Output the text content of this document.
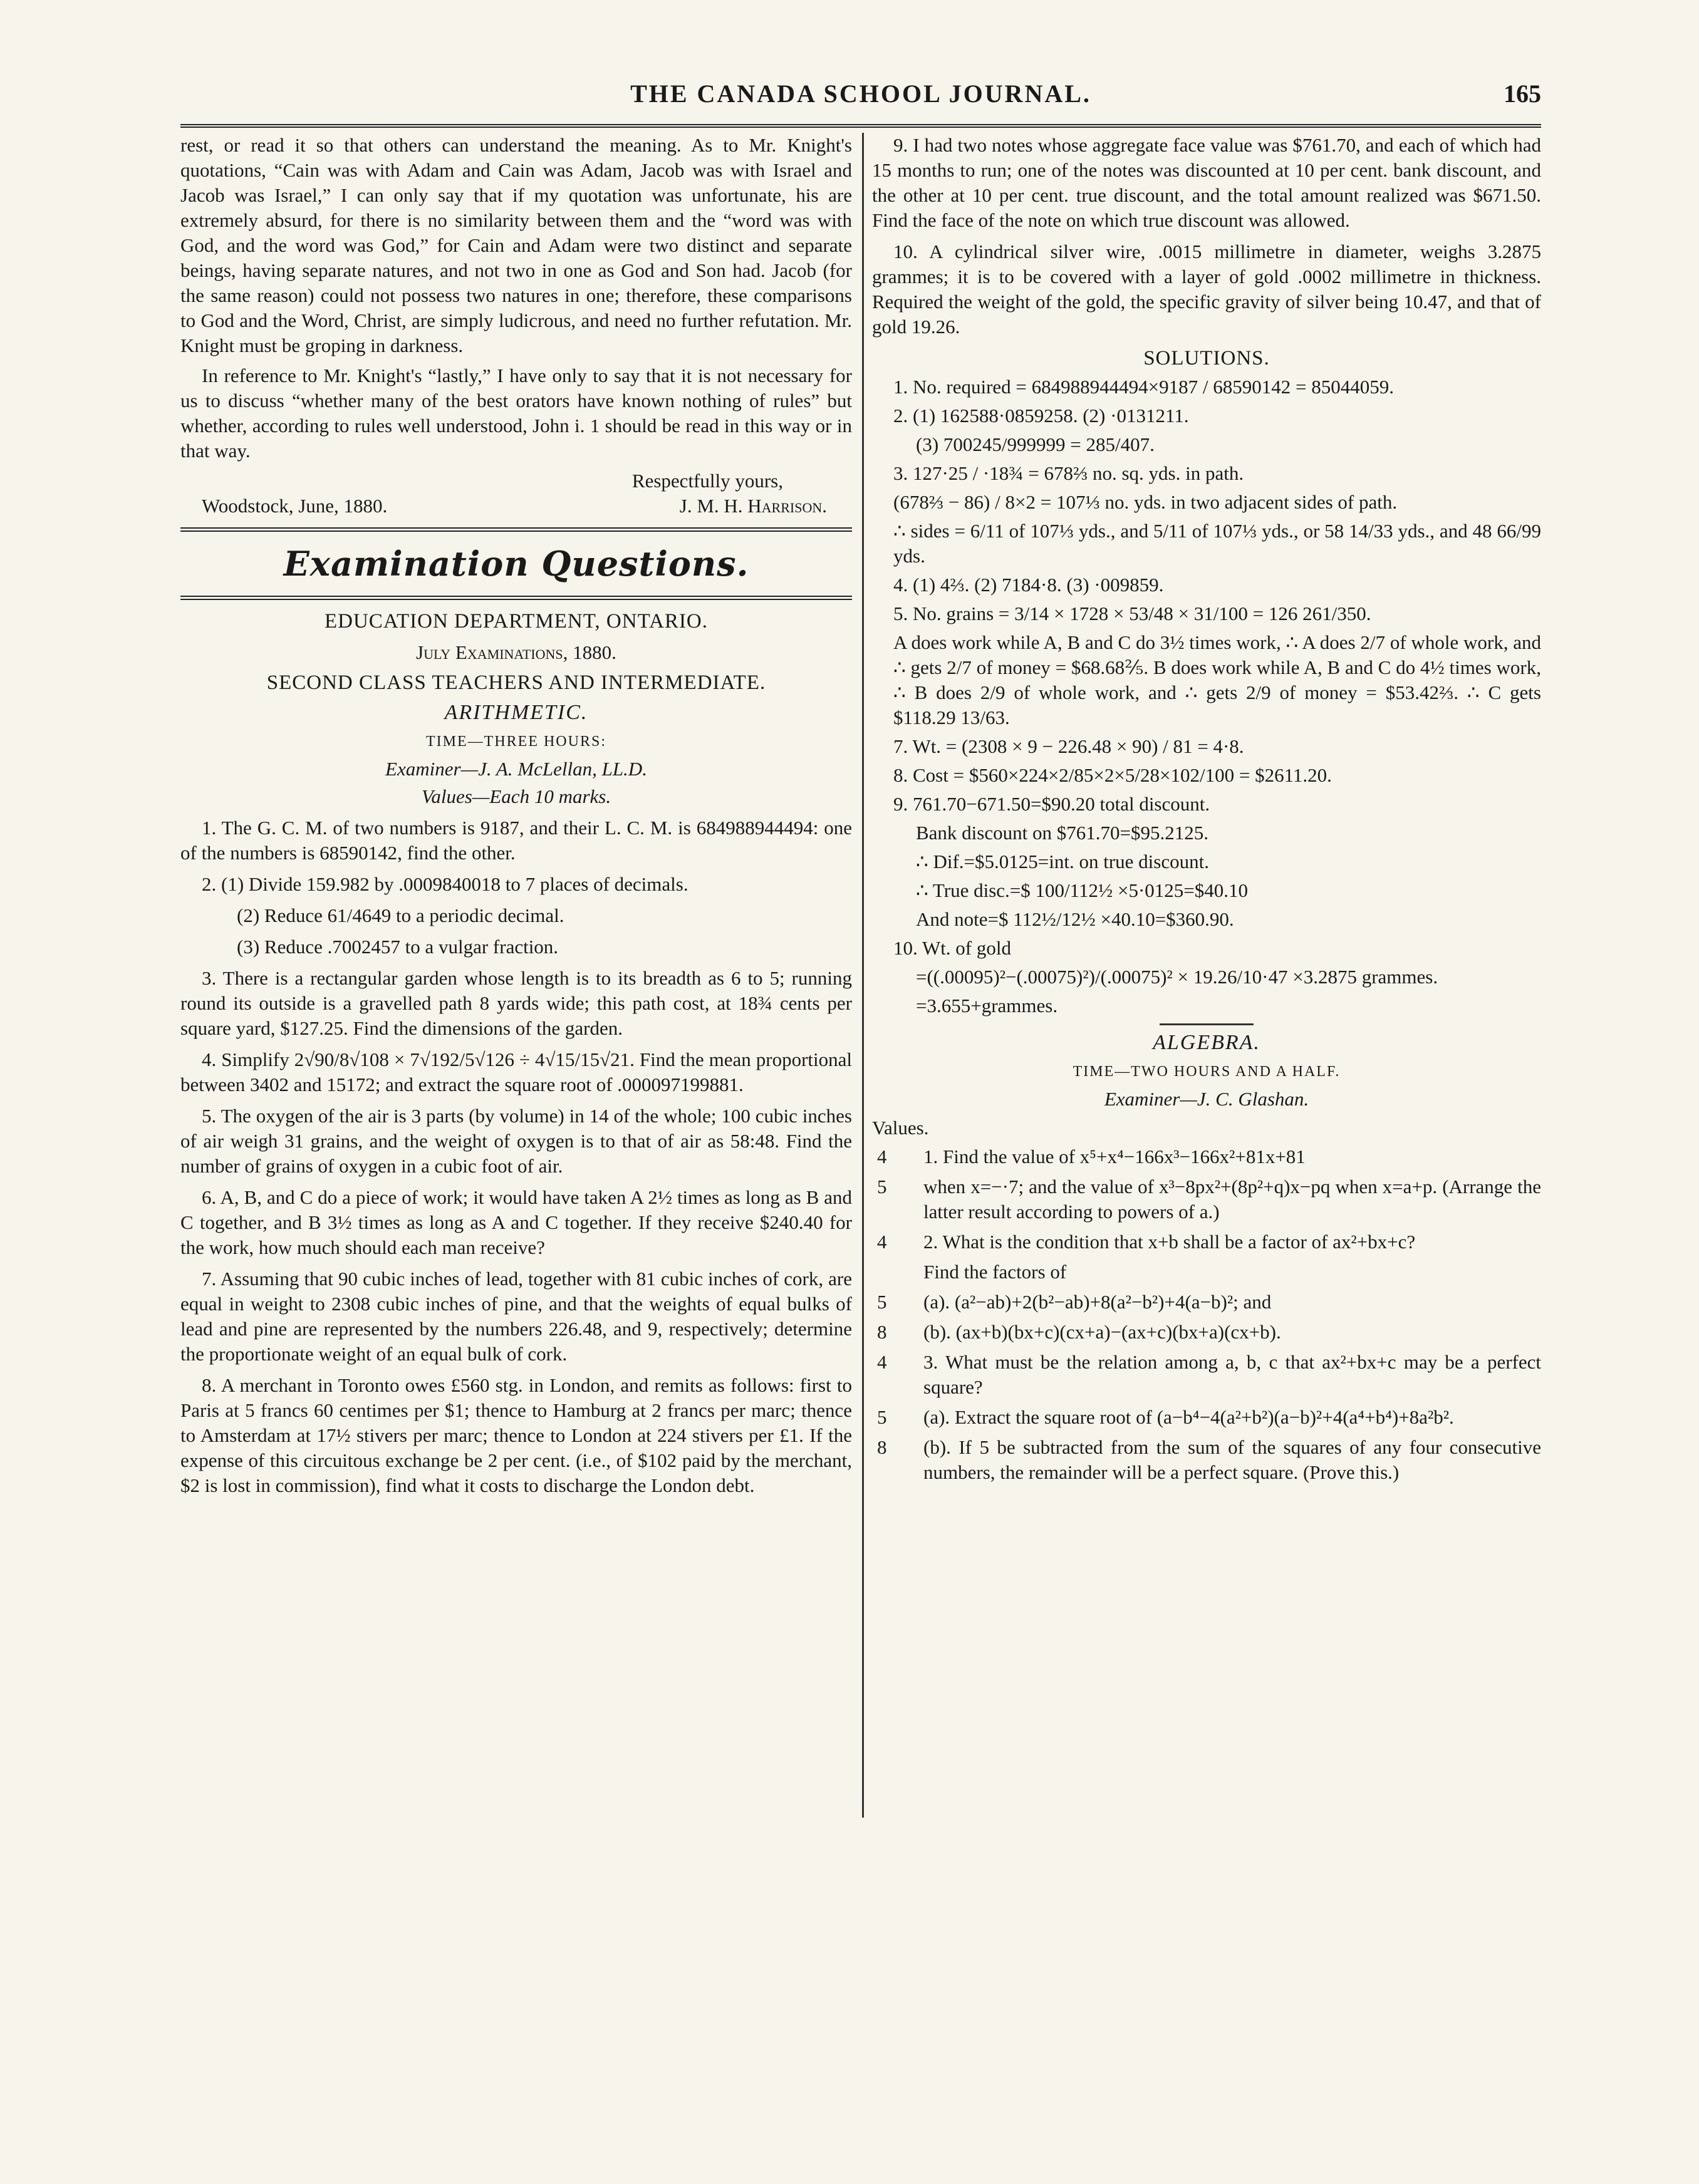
THE CANADA SCHOOL JOURNAL.	165

rest, or read it so that others can understand the meaning. As to Mr. Knight's quotations, “Cain was with Adam and Cain was Adam, Jacob was with Israel and Jacob was Israel,” I can only say that if my quotation was unfortunate, his are extremely absurd, for there is no similarity between them and the “word was with God, and the word was God,” for Cain and Adam were two distinct and separate beings, having separate natures, and not two in one as God and Son had. Jacob (for the same reason) could not possess two natures in one; therefore, these comparisons to God and the Word, Christ, are simply ludicrous, and need no further refutation. Mr. Knight must be groping in darkness.

In reference to Mr. Knight's “lastly,” I have only to say that it is not necessary for us to discuss “whether many of the best orators have known nothing of rules” but whether, according to rules well understood, John i. 1 should be read in this way or in that way.

Respectfully yours,
Woodstock, June, 1880.	J. M. H. Harrison.
Examination Questions.
EDUCATION DEPARTMENT, ONTARIO.
July Examinations, 1880.
SECOND CLASS TEACHERS AND INTERMEDIATE.
ARITHMETIC.
TIME—THREE HOURS:
Examiner—J. A. McLellan, LL.D.
Values—Each 10 marks.

1. The G. C. M. of two numbers is 9187, and their L. C. M. is 684988944494: one of the numbers is 68590142, find the other.

2. (1) Divide 159.982 by .0009840018 to 7 places of decimals.

(2) Reduce 61/4649 to a periodic decimal.

(3) Reduce .7002457 to a vulgar fraction.

3. There is a rectangular garden whose length is to its breadth as 6 to 5; running round its outside is a gravelled path 8 yards wide; this path cost, at 18¾ cents per square yard, $127.25. Find the dimensions of the garden.

4. Simplify 2√90/8√108 × 7√192/5√126 ÷ 4√15/15√21. Find the mean proportional between 3402 and 15172; and extract the square root of .000097199881.

5. The oxygen of the air is 3 parts (by volume) in 14 of the whole; 100 cubic inches of air weigh 31 grains, and the weight of oxygen is to that of air as 58:48. Find the number of grains of oxygen in a cubic foot of air.

6. A, B, and C do a piece of work; it would have taken A 2½ times as long as B and C together, and B 3½ times as long as A and C together. If they receive $240.40 for the work, how much should each man receive?

7. Assuming that 90 cubic inches of lead, together with 81 cubic inches of cork, are equal in weight to 2308 cubic inches of pine, and that the weights of equal bulks of lead and pine are represented by the numbers 226.48, and 9, respectively; determine the proportionate weight of an equal bulk of cork.

8. A merchant in Toronto owes £560 stg. in London, and remits as follows: first to Paris at 5 francs 60 centimes per $1; thence to Hamburg at 2 francs per marc; thence to Amsterdam at 17½ stivers per marc; thence to London at 224 stivers per £1. If the expense of this circuitous exchange be 2 per cent. (i.e., of $102 paid by the merchant, $2 is lost in commission), find what it costs to discharge the London debt.

9. I had two notes whose aggregate face value was $761.70, and each of which had 15 months to run; one of the notes was discounted at 10 per cent. bank discount, and the other at 10 per cent. true discount, and the total amount realized was $671.50. Find the face of the note on which true discount was allowed.

10. A cylindrical silver wire, .0015 millimetre in diameter, weighs 3.2875 grammes; it is to be covered with a layer of gold .0002 millimetre in thickness. Required the weight of the gold, the specific gravity of silver being 10.47, and that of gold 19.26.

SOLUTIONS.
1. No. required = 684988944494×9187 / 68590142 = 85044059.
2. (1) 162588·0859258. (2) ·0131211.
(3) 700245/999999 = 285/407.
3. 127·25 / ·18¾ = 678⅔ no. sq. yds. in path.
(678⅔ − 86) / 8×2 = 107⅓ no. yds. in two adjacent sides of path.
∴ sides = 6/11 of 107⅓ yds., and 5/11 of 107⅓ yds., or 58 14/33 yds., and 48 66/99 yds.
4. (1) 4⅔. (2) 7184·8. (3) ·009859.
5. No. grains = 3/14 × 1728 × 53/48 × 31/100 = 126 261/350.
A does work while A, B and C do 3½ times work, ∴ A does 2/7 of whole work, and ∴ gets 2/7 of money = $68.68⅖. B does work while A, B and C do 4½ times work, ∴ B does 2/9 of whole work, and ∴ gets 2/9 of money = $53.42⅔. ∴ C gets $118.29 13/63.
7. Wt. = (2308 × 9 − 226.48 × 90) / 81 = 4·8.
8. Cost = $560×224×2/85×2×5/28×102/100 = $2611.20.
9. 761.70−671.50=$90.20 total discount.
Bank discount on $761.70=$95.2125.
∴ Dif.=$5.0125=int. on true discount.
∴ True disc.=$ 100/112½ ×5·0125=$40.10
And note=$ 112½/12½ ×40.10=$360.90.
10. Wt. of gold
=((.00095)²−(.00075)²)/(.00075)² × 19.26/10·47 ×3.2875 grammes.
=3.655+grammes.
ALGEBRA.
TIME—TWO HOURS AND A HALF.
Examiner—J. C. Glashan.
Values.
4	1. Find the value of x⁵+x⁴−166x³−166x²+81x+81
5	when x=−·7; and the value of x³−8px²+(8p²+q)x−pq when x=a+p. (Arrange the latter result according to powers of a.)
4	2. What is the condition that x+b shall be a factor of ax²+bx+c?
Find the factors of
5	(a). (a²−ab)+2(b²−ab)+8(a²−b²)+4(a−b)²; and
8	(b). (ax+b)(bx+c)(cx+a)−(ax+c)(bx+a)(cx+b).
4	3. What must be the relation among a, b, c that ax²+bx+c may be a perfect square?
5	(a). Extract the square root of (a−b⁴−4(a²+b²)(a−b)²+4(a⁴+b⁴)+8a²b².
8	(b). If 5 be subtracted from the sum of the squares of any four consecutive numbers, the remainder will be a perfect square. (Prove this.)
